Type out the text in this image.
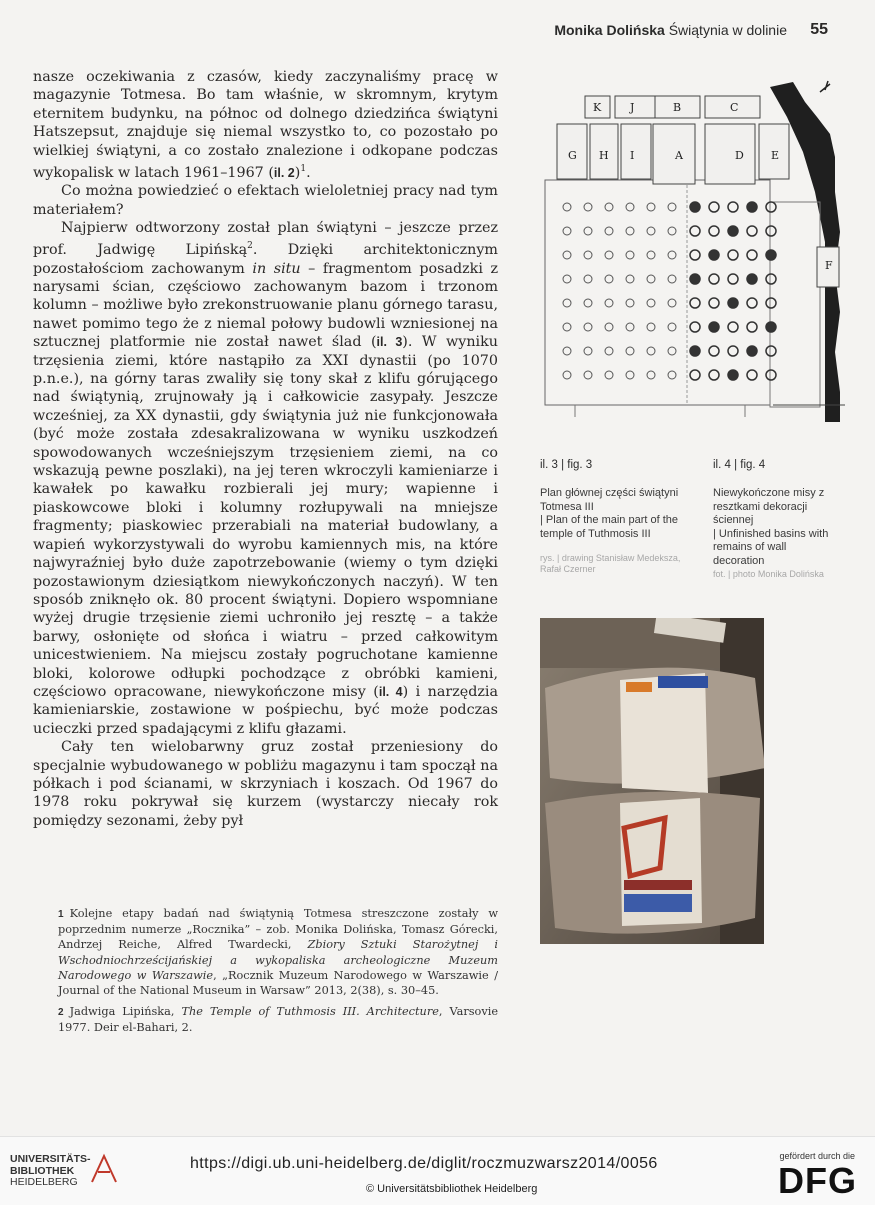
Monika Dolińska Świątynia w dolinie 55

nasze oczekiwania z czasów, kiedy zaczynaliśmy pracę w magazynie Totmesa. Bo tam właśnie, w skromnym, krytym eternitem budynku, na północ od dolnego dziedzińca świątyni Hatszepsut, znajduje się niemal wszystko to, co pozostało po wielkiej świątyni, a co zostało znalezione i odkopane podczas wykopalisk w latach 1961–1967 (il. 2)$^1$.

Co można powiedzieć o efektach wieloletniej pracy nad tym materiałem?

Najpierw odtworzony został plan świątyni – jeszcze przez prof. Jadwigę Lipińską$^2$. Dzięki architektonicznym pozostałościom zachowanym in situ – fragmentom posadzki z narysami ścian, częściowo zachowanym bazom i trzonom kolumn – możliwe było zrekonstruowanie planu górnego tarasu, nawet pomimo tego że z niemal połowy budowli wzniesionej na sztucznej platformie nie został nawet ślad (il. 3). W wyniku trzęsienia ziemi, które nastąpiło za XXI dynastii (po 1070 p.n.e.), na górny taras zwaliły się tony skał z klifu górującego nad świątynią, zrujnowały ją i całkowicie zasypały. Jeszcze wcześniej, za XX dynastii, gdy świątynia już nie funkcjonowała (być może została zdesakralizowana w wyniku uszkodzeń spowodowanych wcześniejszym trzęsieniem ziemi, na co wskazują pewne poszlaki), na jej teren wkroczyli kamieniarze i kawałek po kawałku rozbierali jej mury; wapienne i piaskowcowe bloki i kolumny rozłupywali na mniejsze fragmenty; piaskowiec przerabiali na materiał budowlany, a wapień wykorzystywali do wyrobu kamiennych mis, na które najwyraźniej było duże zapotrzebowanie (wiemy o tym dzięki pozostawionym dziesiątkom niewykończonych naczyń). W ten sposób zniknęło ok. 80 procent świątyni. Dopiero wspomniane wyżej drugie trzęsienie ziemi uchroniło jej resztę – a także barwy, osłonięte od słońca i wiatru – przed całkowitym unicestwieniem. Na miejscu zostały pogruchotane kamienne bloki, kolorowe odłupki pochodzące z obróbki kamieni, częściowo opracowane, niewykończone misy (il. 4) i narzędzia kamieniarskie, zostawione w pośpiechu, być może podczas ucieczki przed spadającymi z klifu głazami.

Cały ten wielobarwny gruz został przeniesiony do specjalnie wybudowanego w pobliżu magazynu i tam spoczął na półkach i pod ścianami, w skrzyniach i koszach. Od 1967 do 1978 roku pokrywał się kurzem (wystarczy niecały rok pomiędzy sezonami, żeby pył

1 Kolejne etapy badań nad świątynią Totmesa streszczone zostały w poprzednim numerze „Rocznika” – zob. Monika Dolińska, Tomasz Górecki, Andrzej Reiche, Alfred Twardecki, Zbiory Sztuki Starożytnej i Wschodniochrześcijańskiej a wykopaliska archeologiczne Muzeum Narodowego w Warszawie, „Rocznik Muzeum Narodowego w Warszawie / Journal of the National Museum in Warsaw” 2013, 2(38), s. 30–45.
2 Jadwiga Lipińska, The Temple of Tuthmosis III. Architecture, Varsovie 1977. Deir el-Bahari, 2.
K	J	B	C
G H I	A	D E
F
il. 3 | fig. 3
Plan głównej części świątyni Totmesa III
| Plan of the main part of the temple of Tuthmosis III
rys. | drawing Stanisław Medeksza, Rafał Czerner
il. 4 | fig. 4
Niewykończone misy z resztkami dekoracji ściennej
| Unfinished basins with remains of wall decoration
fot. | photo Monika Dolińska
UNIVERSITÄTS-
BIBLIOTHEK
HEIDELBERG
https://digi.ub.uni-heidelberg.de/diglit/roczmuzwarsz2014/0056
© Universitätsbibliothek Heidelberg
gefördert durch die
DFG
